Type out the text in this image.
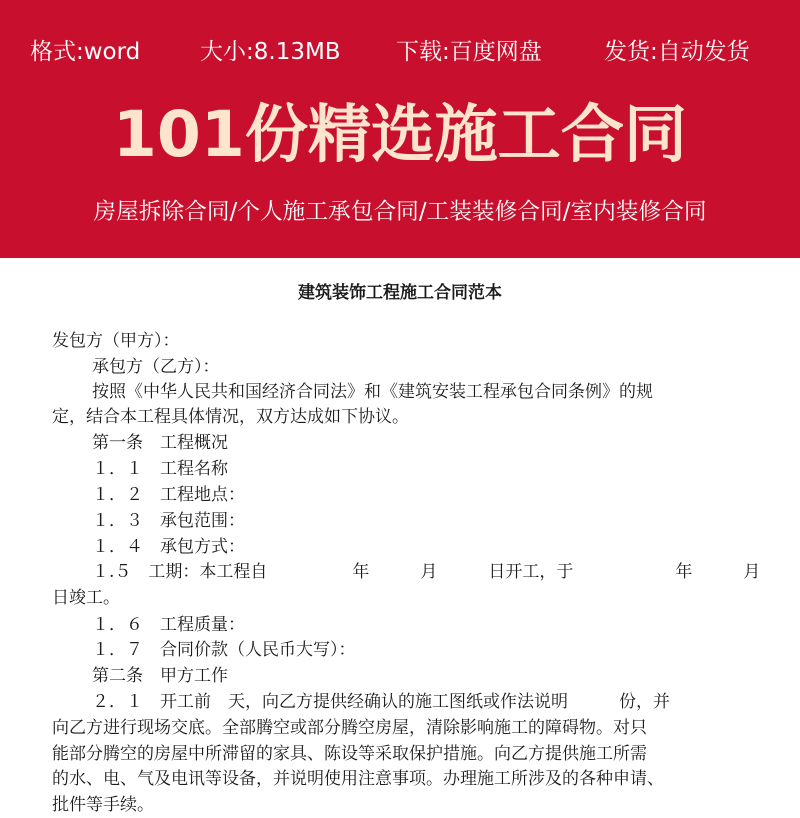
格式:word	大小:8.13MB 下载:百度网盘	发货:自动发货
101份精选施工合同
房屋拆除合同/个人施工承包合同/工装装修合同/室内装修合同
建筑装饰工程施工合同范本
发包方（甲方）：
承包方（乙方）：
按照《中华人民共和国经济合同法》和《建筑安装工程承包合同条例》的规
定，结合本工程具体情况，双方达成如下协议。
第一条　工程概况
１．１　工程名称
１．２　工程地点：
１．３　承包范围：
１．４　承包方式：
１.５　工期：本工程自　　　　　年　　　月　　　日开工，于　　　　　　年　　　月
日竣工。
１．６　工程质量：
１．７　合同价款（人民币大写）：
第二条　甲方工作
２．１　开工前　天，向乙方提供经确认的施工图纸或作法说明　　　份，并
向乙方进行现场交底。全部腾空或部分腾空房屋，清除影响施工的障碍物。对只
能部分腾空的房屋中所滞留的家具、陈设等采取保护措施。向乙方提供施工所需
的水、电、气及电讯等设备，并说明使用注意事项。办理施工所涉及的各种申请、
批件等手续。
